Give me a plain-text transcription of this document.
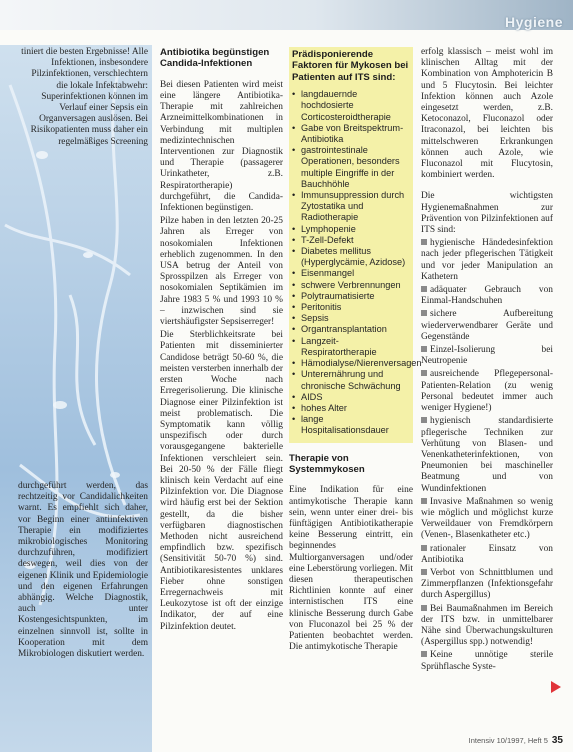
Hygiene

tiniert die besten Ergebnisse! Alle Infektionen, insbesondere Pilzinfektionen, verschlechtern die lokale Infektabwehr: Superinfektionen können im Verlauf einer Sepsis ein Organversagen auslösen. Bei Risikopatienten muss daher ein regelmäßiges Screening

durchgeführt werden, das rechtzeitig vor Candidalichkeiten warnt. Es empfiehlt sich daher, vor Beginn einer antiinfektiven Therapie ein modifiziertes mikrobiologisches Monitoring durchzuführen, modifiziert deswegen, weil dies von der eigenen Klinik und Epidemiologie und den eigenen Erfahrungen abhängig. Welche Diagnostik, auch unter Kostengesichtspunkten, im einzelnen sinnvoll ist, sollte in Kooperation mit dem Mikrobiologen diskutiert werden.

Antibiotika begünstigen Candida-Infektionen

Bei diesen Patienten wird meist eine längere Antibiotika-Therapie mit zahlreichen Arzneimittelkombinationen in Verbindung mit multiplen medizintechnischen Interventionen zur Diagnostik und Therapie (passagerer Urinkatheter, z.B. Respiratortherapie) durchgeführt, die Candida-Infektionen begünstigen.

Pilze haben in den letzten 20-25 Jahren als Erreger von nosokomialen Infektionen erheblich zugenommen. In den USA betrug der Anteil von Sprosspilzen als Erreger von nosokomialen Septikämien im Jahre 1983 5 % und 1993 10 % – inzwischen sind sie viertshäufigster Sepsiserreger!

Die Sterblichkeitsrate bei Patienten mit disseminierter Candidose beträgt 50-60 %, die meisten versterben innerhalb der ersten Woche nach Erregerisolierung. Die klinische Diagnose einer Pilzinfektion ist meist problematisch. Die Symptomatik kann völlig unspezifisch oder durch vorausgegangene bakterielle Infektionen verschleiert sein. Bei 20-50 % der Fälle fliegt klinisch kein Verdacht auf eine Pilzinfektion vor. Die Diagnose wird häufig erst bei der Sektion gestellt, da die bisher verfügbaren diagnostischen Methoden nicht ausreichend empfindlich bzw. spezifisch (Sensitivität 50-70 %) sind. Antibiotikaresistentes unklares Fieber ohne sonstigen Erregernachweis mit Leukozytose ist oft der einzige Indikator, der auf eine Pilzinfektion deutet.

Prädisponierende Faktoren für Mykosen bei Patienten auf ITS sind:
• langdauernde hochdosierte Corticosteroidtherapie
• Gabe von Breitspektrum-Antibiotika
• gastrointestinale Operationen, besonders multiple Eingriffe in der Bauchhöhle
• Immunsuppression durch Zytostatika und Radiotherapie
• Lymphopenie
• T-Zell-Defekt
• Diabetes mellitus (Hyperglycämie, Azidose)
• Eisenmangel
• schwere Verbrennungen
• Polytraumatisierte
• Peritonitis
• Sepsis
• Organtransplantation
• Langzeit-Respiratortherapie
• Hämodialyse/Nierenversagen
• Unterernährung und chronische Schwächung
• AIDS
• hohes Alter
• lange Hospitalisationsdauer
Therapie von Systemmykosen

Eine Indikation für eine antimykotische Therapie kann sein, wenn unter einer drei- bis fünftägigen Antibiotikatherapie keine Besserung eintritt, ein beginnendes Multiorganversagen und/oder eine Leberstörung vorliegen. Mit diesen therapeutischen Richtlinien konnte auf einer internistischen ITS eine klinische Besserung durch Gabe von Fluconazol bei 25 % der Patienten beobachtet werden. Die antimykotische Therapie

erfolg klassisch – meist wohl im klinischen Alltag mit der Kombination von Amphotericin B und 5 Flucytosin. Bei leichter Infektion können auch Azole eingesetzt werden, z.B. Ketoconazol, Fluconazol oder Itraconazol, bei leichten bis mittelschweren Erkrankungen können auch Azole, wie Fluconazol mit Flucytosin, kombiniert werden.

Die wichtigsten Hygienemaßnahmen zur Prävention von Pilzinfektionen auf ITS sind:

hygienische Händedesinfektion nach jeder pflegerischen Tätigkeit und vor jeder Manipulation an Kathetern

adäquater Gebrauch von Einmal-Handschuhen

sichere Aufbereitung wiederverwendbarer Geräte und Gegenstände

Einzel-Isolierung bei Neutropenie

ausreichende Pflegepersonal-Patienten-Relation (zu wenig Personal bedeutet immer auch weniger Hygiene!)

hygienisch standardisierte pflegerische Techniken zur Verhütung von Blasen- und Venenkatheterinfektionen, von Pneumonien bei maschineller Beatmung und von Wundinfektionen

Invasive Maßnahmen so wenig wie möglich und möglichst kurze Verweildauer von Fremdkörpern (Venen-, Blasenkatheter etc.)

rationaler Einsatz von Antibiotika

Verbot von Schnittblumen und Zimmerpflanzen (Infektionsgefahr durch Aspergillus)

Bei Baumaßnahmen im Bereich der ITS bzw. in unmittelbarer Nähe sind Überwachungskulturen (Aspergillus spp.) notwendig!

Keine unnötige sterile Sprühflasche Syste-

Intensiv 10/1997, Heft 5 35
